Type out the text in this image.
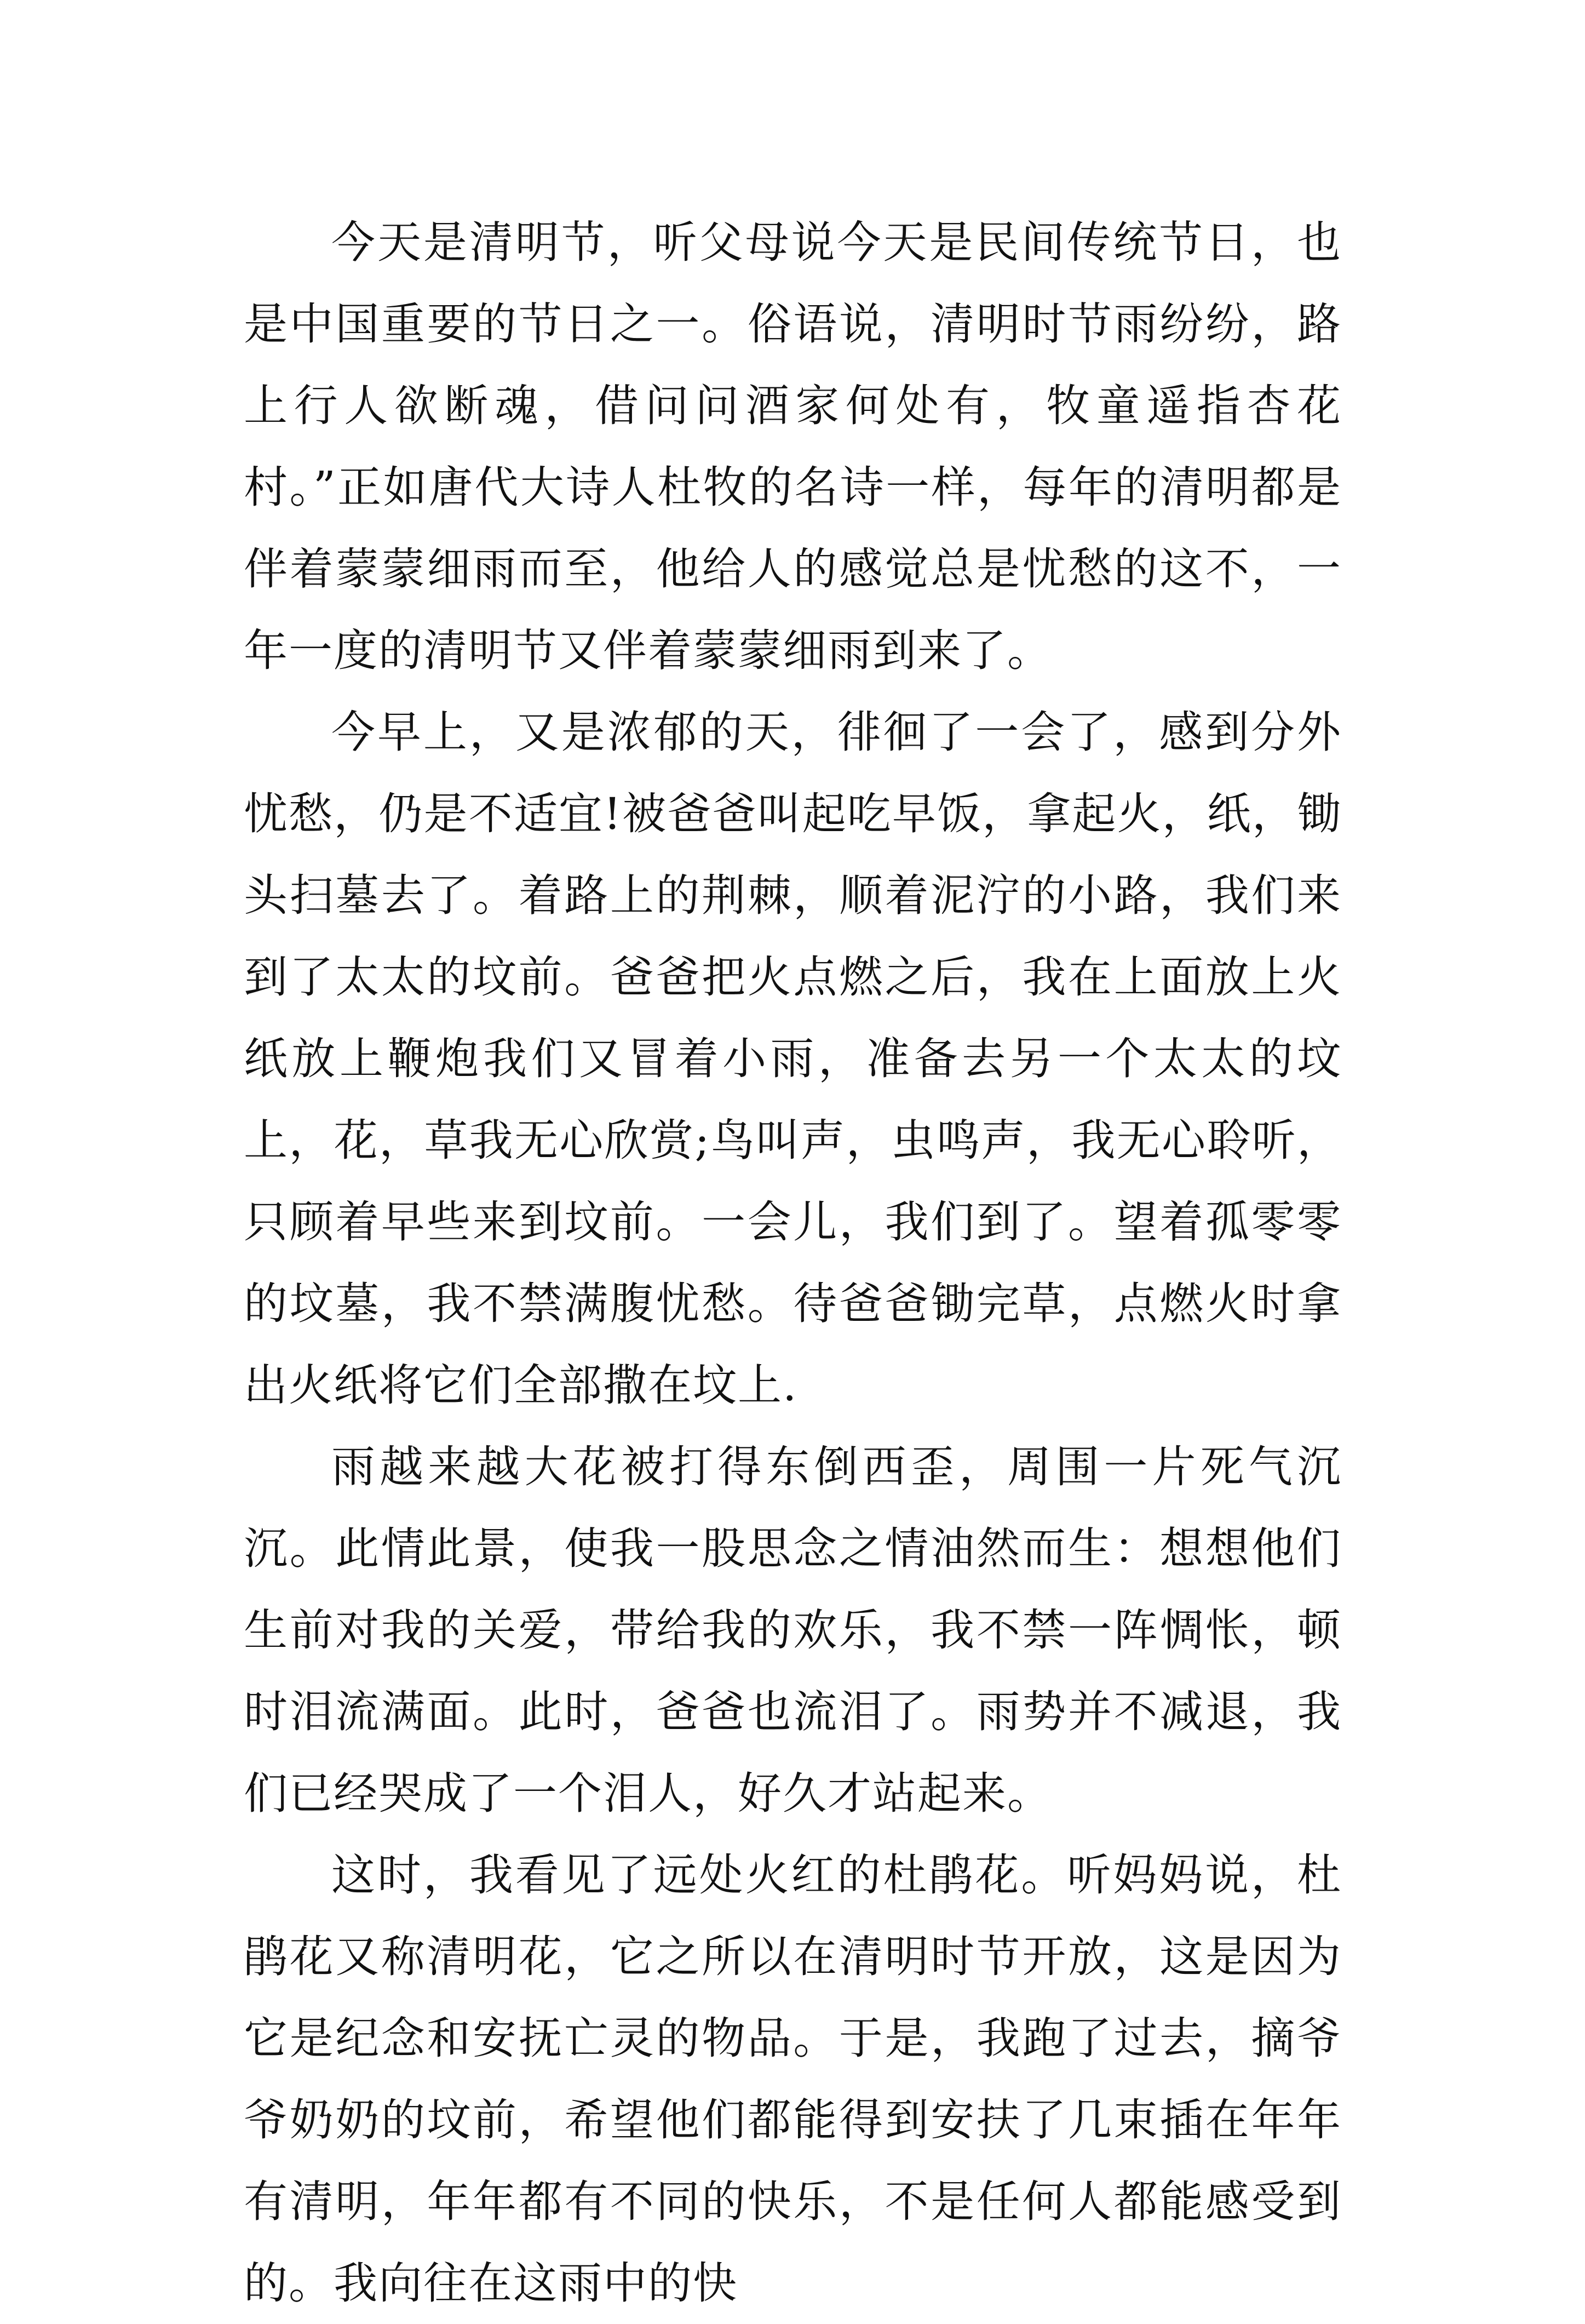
今天是清明节，听父母说今天是民间传统节日，也是中国重要的节日之一。俗语说，清明时节雨纷纷，路上行人欲断魂，借问问酒家何处有，牧童遥指杏花村。”正如唐代大诗人杜牧的名诗一样，每年的清明都是伴着蒙蒙细雨而至，他给人的感觉总是忧愁的这不，一年一度的清明节又伴着蒙蒙细雨到来了。

今早上，又是浓郁的天，徘徊了一会了，感到分外忧愁，仍是不适宜!被爸爸叫起吃早饭，拿起火，纸，锄头扫墓去了。着路上的荆棘，顺着泥泞的小路，我们来到了太太的坟前。爸爸把火点燃之后，我在上面放上火纸放上鞭炮我们又冒着小雨，准备去另一个太太的坟上，花，草我无心欣赏;鸟叫声，虫鸣声，我无心聆听，只顾着早些来到坟前。一会儿，我们到了。望着孤零零的坟墓，我不禁满腹忧愁。待爸爸锄完草，点燃火时拿出火纸将它们全部撒在坟上.

雨越来越大花被打得东倒西歪，周围一片死气沉沉。此情此景，使我一股思念之情油然而生：想想他们生前对我的关爱，带给我的欢乐，我不禁一阵惆怅，顿时泪流满面。此时，爸爸也流泪了。雨势并不减退，我们已经哭成了一个泪人，好久才站起来。

这时，我看见了远处火红的杜鹃花。听妈妈说，杜鹃花又称清明花，它之所以在清明时节开放，这是因为它是纪念和安抚亡灵的物品。于是，我跑了过去，摘爷爷奶奶的坟前，希望他们都能得到安扶了几束插在年年有清明，年年都有不同的快乐，不是任何人都能感受到的。我向往在这雨中的快
